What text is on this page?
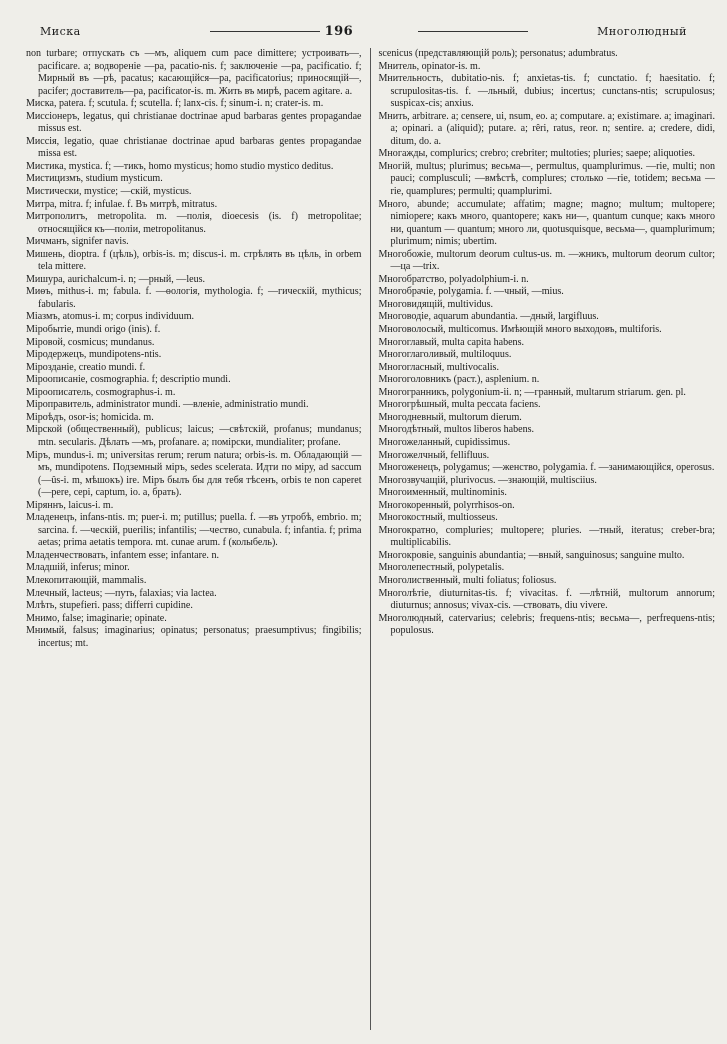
Миска	196	Многолюдный

non turbare; отпускать съ —мъ, aliquem cum pace dimittere; устроивать—, pacificare. a; водвореніе —pa, pacatio-nis. f; заключеніе —pa, pacificatio. f; Мирный въ —рѣ, pacatus; касающійся—pa, pacificatorius; приносящій—, pacifer; доставитель—pa, pacificator-is. m. Жить въ мирѣ, pacem agitare. a.

Миска, patera. f; scutula. f; scutella. f; lanx-cis. f; sinum-i. n; crater-is. m.

Миссіонеръ, legatus, qui christianae doctrinae apud barbaras gentes propagandae missus est.

Миссія, legatio, quae christianae doctrinae apud barbaras gentes propagandae missa est.

Мистика, mystica. f; —тикъ, homo mysticus; homo studio mystico deditus.

Мистицизмъ, studium mysticum.

Мистически, mystice; —скій, mysticus.

Митра, mitra. f; infulae. f. Въ митрѣ, mitratus.

Митрополитъ, metropolita. m. —полія, dioecesis (is. f) metropolitae; относящійся къ—поліи, metropolitanus.

Мичманъ, signifer navis.

Мишень, dioptra. f (цѣль), orbis-is. m; discus-i. m. стрѣлять въ цѣль, in orbem tela mittere.

Мишура, aurichalcum-i. n; —рный, —leus.

Миѳъ, mithus-i. m; fabula. f. —ѳологія, mythologia. f; —гическій, mythicus; fabularis.

Міазмъ, atomus-i. m; corpus individuum.

Міробытіе, mundi origo (inis). f.

Міровой, cosmicus; mundanus.

Міродержецъ, mundipotens-ntis.

Мірозданіе, creatio mundi. f.

Міроописаніе, cosmographia. f; descriptio mundi.

Міроописатель, cosmographus-i. m.

Міроправитель, administrator mundi. —вленіе, administratio mundi.

Міроѣдъ, osor-is; homicida. m.

Мірской (общественный), publicus; laicus; —свѣтскій, profanus; mundanus; mtn. secularis. Дѣлать —мъ, profanare. a; помірски, mundialiter; profane.

Міръ, mundus-i. m; universitas rerum; rerum natura; orbis-is. m. Обладающій —мъ, mundipotens. Подземный міръ, sedes scelerata. Идти по міру, ad saccum (—ûs-i. m, мѣшокъ) ire. Міръ былъ бы для тебя тѣсенъ, orbis te non caperet (—pere, cepi, captum, io. a, брать).

Міряннъ, laicus-i. m.

Младенецъ, infans-ntis. m; puer-i. m; putillus; puella. f. —въ утробѣ, embrio. m; sarcina. f. —ческій, puerilis; infantilis; —чество, cunabula. f; infantia. f; prima aetas; prima aetatis tempora. mt. cunae arum. f (колыбель).

Младенчествовать, infantem esse; infantare. n.

Младшій, inferus; minor.

Млекопитающій, mammalis.

Млечный, lacteus; —путь, falaxias; via lactea.

Млѣть, stupefieri. pass; differri cupidine.

Мнимо, false; imaginarie; opinate.

Мнимый, falsus; imaginarius; opinatus; personatus; praesumptivus; fingibilis; incertus; mt.

scenicus (представляющій роль); personatus; adumbratus.

Мнитель, opinator-is. m.

Мнительность, dubitatio-nis. f; anxietas-tis. f; cunctatio. f; haesitatio. f; scrupulositas-tis. f. —льный, dubius; incertus; cunctans-ntis; scrupulosus; suspicax-cis; anxius.

Мнить, arbitrare. a; censere, ui, nsum, eo. a; computare. a; existimare. a; imaginari. a; opinari. a (aliquid); putare. a; rêri, ratus, reor. n; sentire. a; credere, didi, ditum, do. a.

Многажды, complurics; crebro; crebriter; multoties; pluries; saepe; aliquoties.

Многій, multus; plurimus; весьма—, permultus, quamplurimus. —rie, multi; non pauci; complusculi; —вмѣстѣ, complures; столько —rie, totidem; весьма —rie, quamplures; permulti; quamplurimi.

Много, abunde; accumulate; affatim; magne; magno; multum; multopere; nimiopere; какъ много, quantopere; какъ ни—, quantum cunque; какъ много ни, quantum — quantum; много ли, quotusquisque, весьма—, quamplurimum; plurimum; nimis; ubertim.

Многобожіе, multorum deorum cultus-us. m. —жникъ, multorum deorum cultor; —ца —trix.

Многобратство, polyadolphium-i. n.

Многобрачіе, polygamia. f. —чный, —mius.

Многовидящій, multividus.

Многоводіе, aquarum abundantia. —дный, largifluus.

Многоволосый, multicomus. Имѣющій много выходовъ, multiforis.

Многоглавый, multa capita habens.

Многоглаголивый, multiloquus.

Многогласный, multivocalis.

Многоголовникъ (раст.), asplenium. n.

Многогранникъ, polygonium-ii. n; —гранный, multarum striarum. gen. pl.

Многогрѣшный, multa peccata faciens.

Многодневный, multorum dierum.

Многодѣтный, multos liberos habens.

Многожеланный, cupidissimus.

Многожелчный, fellifluus.

Многоженецъ, polygamus; —женство, polygamia. f. —занимающійся, operosus.

Многозвучащій, plurivocus. —знающій, multisciius.

Многоименный, multinominis.

Многокоренный, polyrrhisos-on.

Многокостный, multiosseus.

Многократно, compluries; multopere; pluries. —тный, iteratus; creber-bra; multiplicabilis.

Многокровіе, sanguinis abundantia; —вный, sanguinosus; sanguine multo.

Многолепестный, polypetalis.

Многолиственный, multi foliatus; foliosus.

Многолѣтіе, diuturnitas-tis. f; vivacitas. f. —лѣтній, multorum annorum; diuturnus; annosus; vivax-cis. —ствовать, diu vivere.

Многолюдный, catervarius; celebris; frequens-ntis; весьма—, perfrequens-ntis; populosus.
